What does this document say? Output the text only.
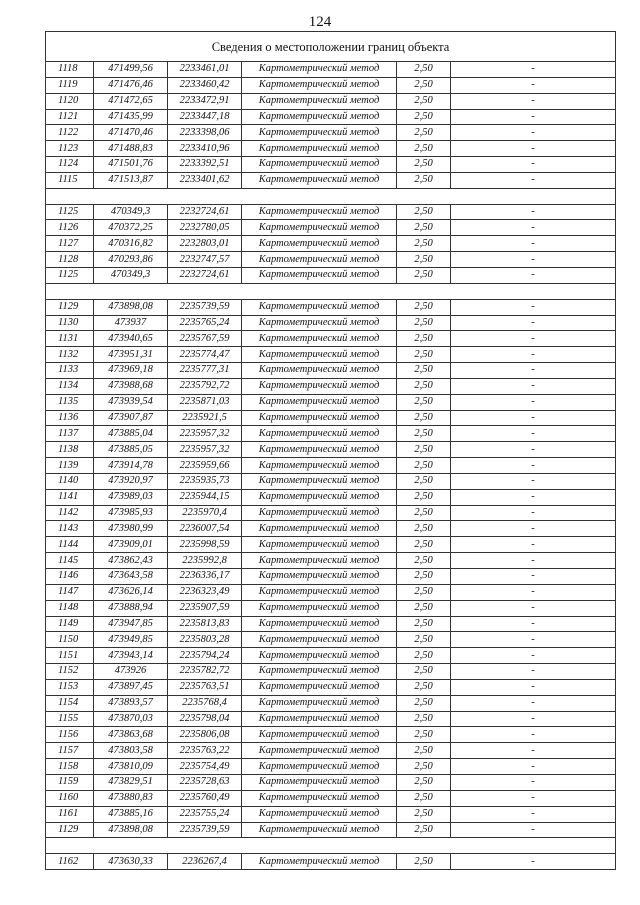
124
Сведения о местоположении границ объекта					
1118	471499,56	2233461,01	Картометрический метод	2,50	-
1119	471476,46	2233460,42	Картометрический метод	2,50	-
1120	471472,65	2233472,91	Картометрический метод	2,50	-
1121	471435,99	2233447,18	Картометрический метод	2,50	-
1122	471470,46	2233398,06	Картометрический метод	2,50	-
1123	471488,83	2233410,96	Картометрический метод	2,50	-
1124	471501,76	2233392,51	Картометрический метод	2,50	-
1115	471513,87	2233401,62	Картометрический метод	2,50	-

1125	470349,3	2232724,61	Картометрический метод	2,50	-
1126	470372,25	2232780,05	Картометрический метод	2,50	-
1127	470316,82	2232803,01	Картометрический метод	2,50	-
1128	470293,86	2232747,57	Картометрический метод	2,50	-
1125	470349,3	2232724,61	Картометрический метод	2,50	-

1129	473898,08	2235739,59	Картометрический метод	2,50	-
1130	473937	2235765,24	Картометрический метод	2,50	-
1131	473940,65	2235767,59	Картометрический метод	2,50	-
1132	473951,31	2235774,47	Картометрический метод	2,50	-
1133	473969,18	2235777,31	Картометрический метод	2,50	-
1134	473988,68	2235792,72	Картометрический метод	2,50	-
1135	473939,54	2235871,03	Картометрический метод	2,50	-
1136	473907,87	2235921,5	Картометрический метод	2,50	-
1137	473885,04	2235957,32	Картометрический метод	2,50	-
1138	473885,05	2235957,32	Картометрический метод	2,50	-
1139	473914,78	2235959,66	Картометрический метод	2,50	-
1140	473920,97	2235935,73	Картометрический метод	2,50	-
1141	473989,03	2235944,15	Картометрический метод	2,50	-
1142	473985,93	2235970,4	Картометрический метод	2,50	-
1143	473980,99	2236007,54	Картометрический метод	2,50	-
1144	473909,01	2235998,59	Картометрический метод	2,50	-
1145	473862,43	2235992,8	Картометрический метод	2,50	-
1146	473643,58	2236336,17	Картометрический метод	2,50	-
1147	473626,14	2236323,49	Картометрический метод	2,50	-
1148	473888,94	2235907,59	Картометрический метод	2,50	-
1149	473947,85	2235813,83	Картометрический метод	2,50	-
1150	473949,85	2235803,28	Картометрический метод	2,50	-
1151	473943,14	2235794,24	Картометрический метод	2,50	-
1152	473926	2235782,72	Картометрический метод	2,50	-
1153	473897,45	2235763,51	Картометрический метод	2,50	-
1154	473893,57	2235768,4	Картометрический метод	2,50	-
1155	473870,03	2235798,04	Картометрический метод	2,50	-
1156	473863,68	2235806,08	Картометрический метод	2,50	-
1157	473803,58	2235763,22	Картометрический метод	2,50	-
1158	473810,09	2235754,49	Картометрический метод	2,50	-
1159	473829,51	2235728,63	Картометрический метод	2,50	-
1160	473880,83	2235760,49	Картометрический метод	2,50	-
1161	473885,16	2235755,24	Картометрический метод	2,50	-
1129	473898,08	2235739,59	Картометрический метод	2,50	-

1162	473630,33	2236267,4	Картометрический метод	2,50	-
